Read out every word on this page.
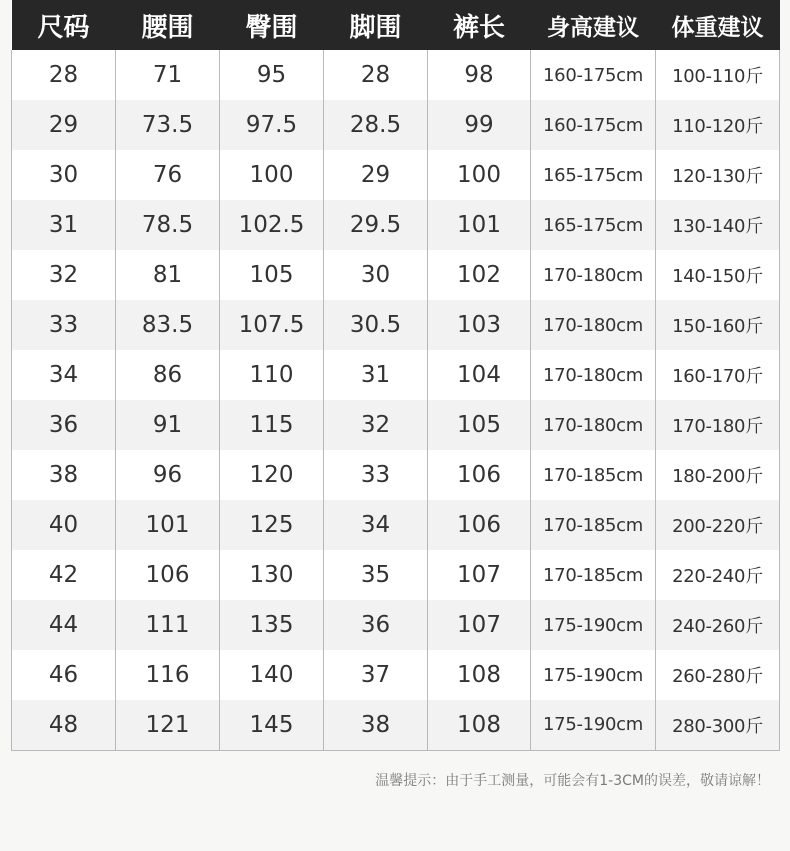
尺码	腰围	臀围	脚围	裤长	身高建议	体重建议
28	71	95	28	98	160-175cm	100-110斤
29	73.5	97.5	28.5	99	160-175cm	110-120斤
30	76	100	29	100	165-175cm	120-130斤
31	78.5	102.5	29.5	101	165-175cm	130-140斤
32	81	105	30	102	170-180cm	140-150斤
33	83.5	107.5	30.5	103	170-180cm	150-160斤
34	86	110	31	104	170-180cm	160-170斤
36	91	115	32	105	170-180cm	170-180斤
38	96	120	33	106	170-185cm	180-200斤
40	101	125	34	106	170-185cm	200-220斤
42	106	130	35	107	170-185cm	220-240斤
44	111	135	36	107	175-190cm	240-260斤
46	116	140	37	108	175-190cm	260-280斤
48	121	145	38	108	175-190cm	280-300斤
温馨提示：由于手工测量，可能会有1-3CM的误差，敬请谅解！
